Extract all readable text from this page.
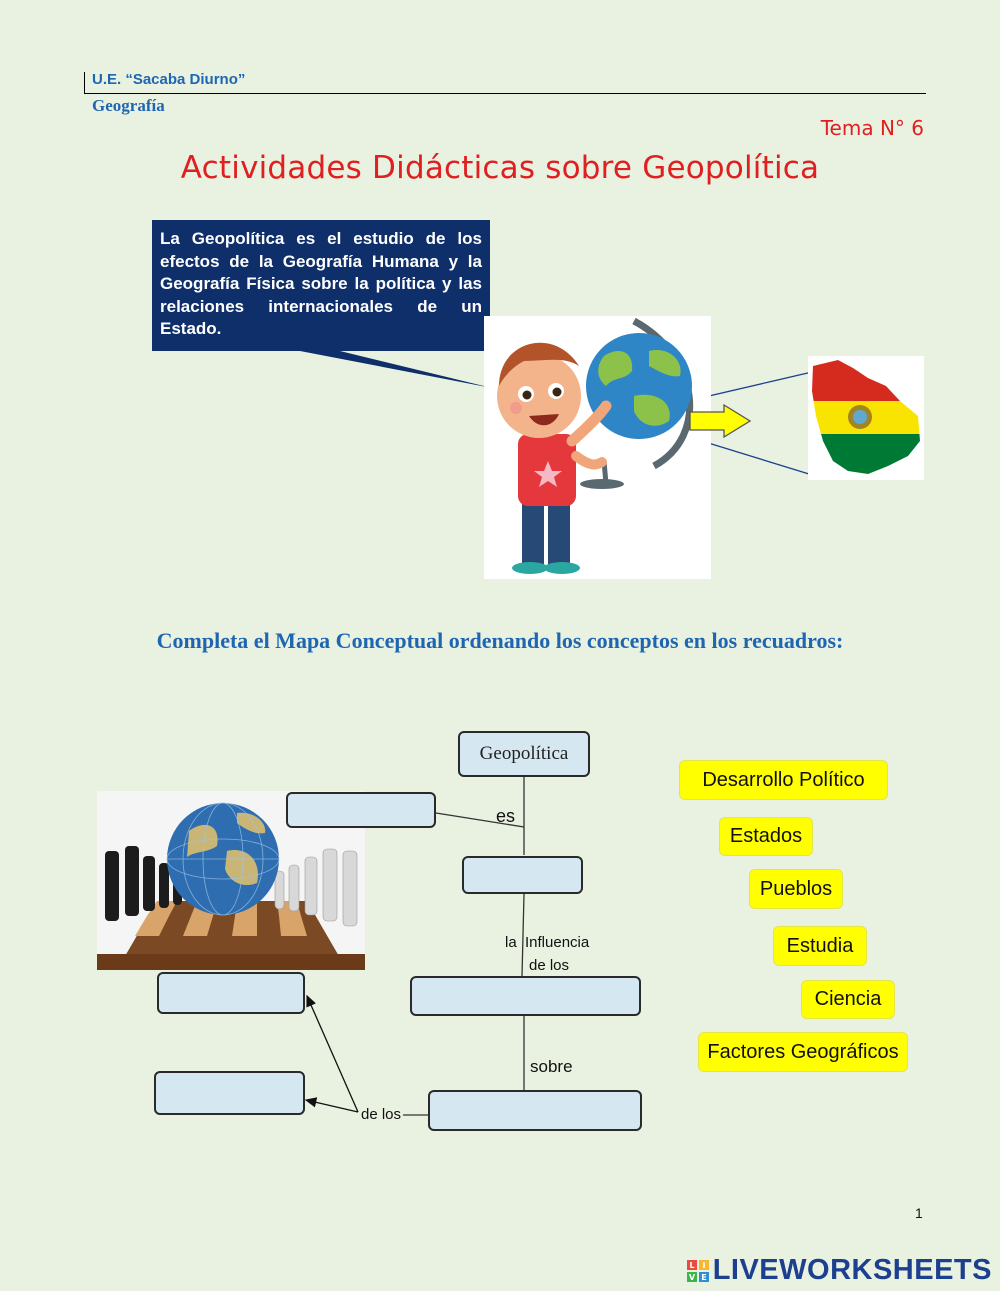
U.E. “Sacaba Diurno”
Geografía
Tema N° 6
Actividades Didácticas sobre Geopolítica
La Geopolítica es el estudio de los efectos de la Geografía Humana y la Geografía Física sobre la política y las relaciones internacionales de un Estado.
Completa el Mapa Conceptual ordenando los conceptos en los recuadros:
Geopolítica
es
la  Influencia
de los
sobre
de los
Desarrollo Político
Estados
Pueblos
Estudia
Ciencia
Factores Geográficos
1
L I
V E LIVEWORKSHEETS
